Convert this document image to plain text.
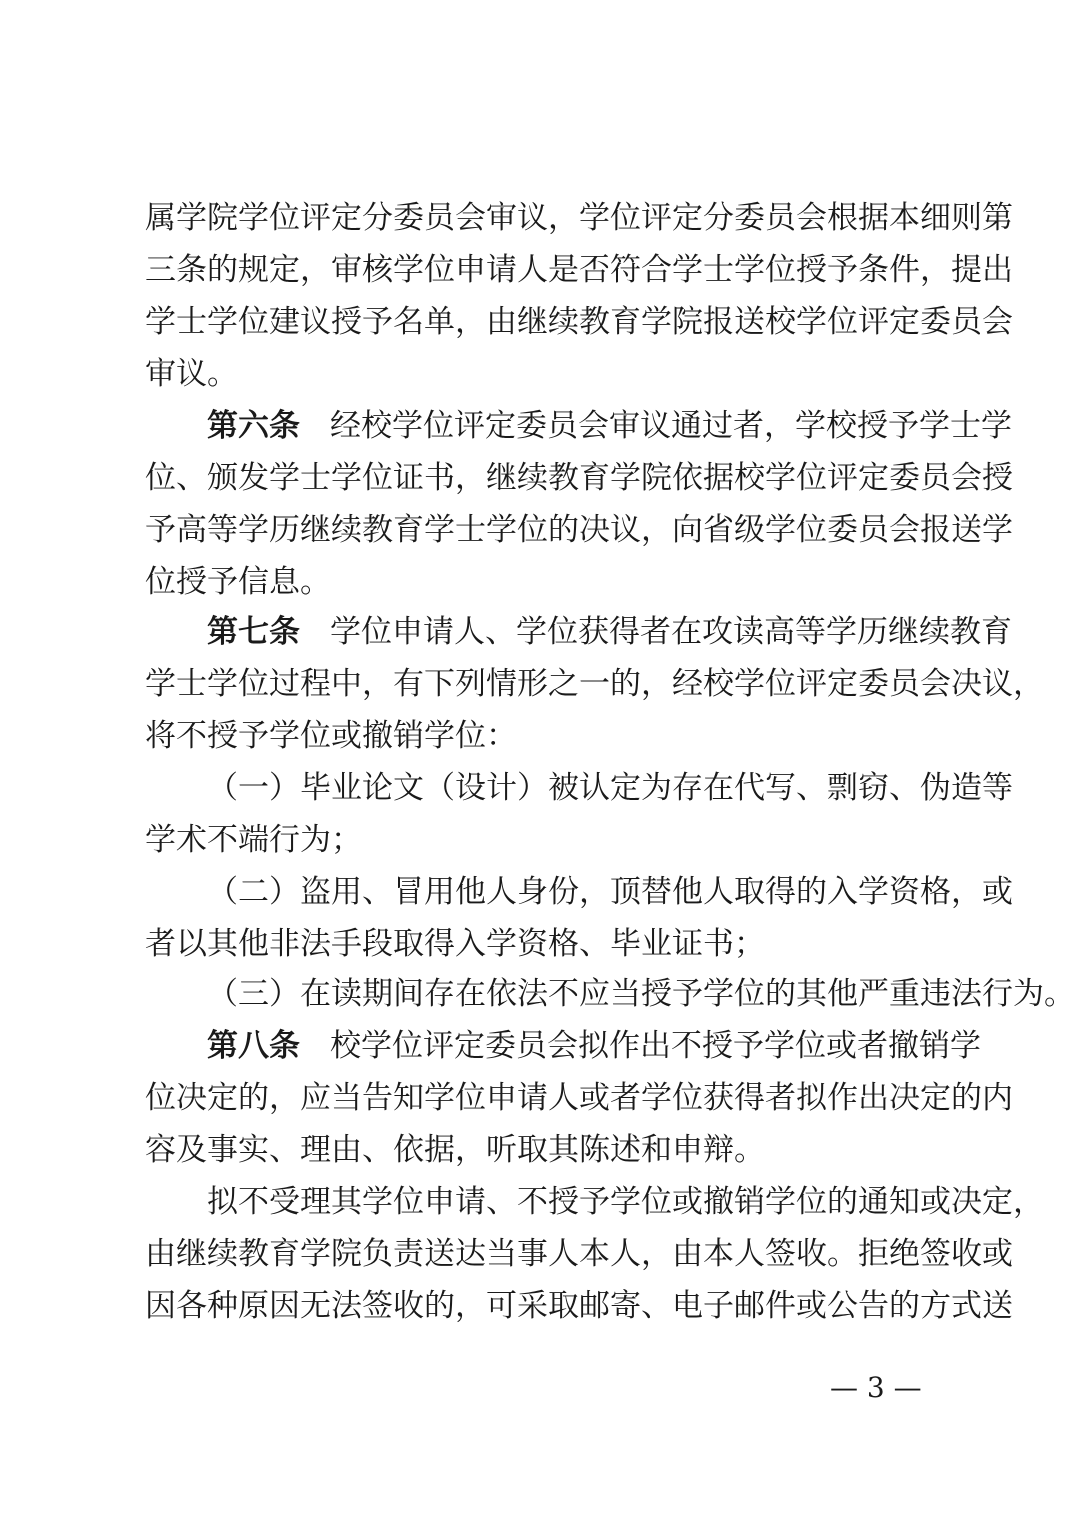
属学院学位评定分委员会审议，学位评定分委员会根据本细则第
三条的规定，审核学位申请人是否符合学士学位授予条件，提出
学士学位建议授予名单，由继续教育学院报送校学位评定委员会
审议。
第六条 经校学位评定委员会审议通过者，学校授予学士学
位、颁发学士学位证书，继续教育学院依据校学位评定委员会授
予高等学历继续教育学士学位的决议，向省级学位委员会报送学
位授予信息。
第七条 学位申请人、学位获得者在攻读高等学历继续教育
学士学位过程中，有下列情形之一的，经校学位评定委员会决议，
将不授予学位或撤销学位：
（一）毕业论文（设计）被认定为存在代写、剽窃、伪造等
学术不端行为；
（二）盗用、冒用他人身份，顶替他人取得的入学资格，或
者以其他非法手段取得入学资格、毕业证书；
（三）在读期间存在依法不应当授予学位的其他严重违法行为。
第八条 校学位评定委员会拟作出不授予学位或者撤销学
位决定的，应当告知学位申请人或者学位获得者拟作出决定的内
容及事实、理由、依据，听取其陈述和申辩。
拟不受理其学位申请、不授予学位或撤销学位的通知或决定，
由继续教育学院负责送达当事人本人，由本人签收。拒绝签收或
因各种原因无法签收的，可采取邮寄、电子邮件或公告的方式送
— 3 —
